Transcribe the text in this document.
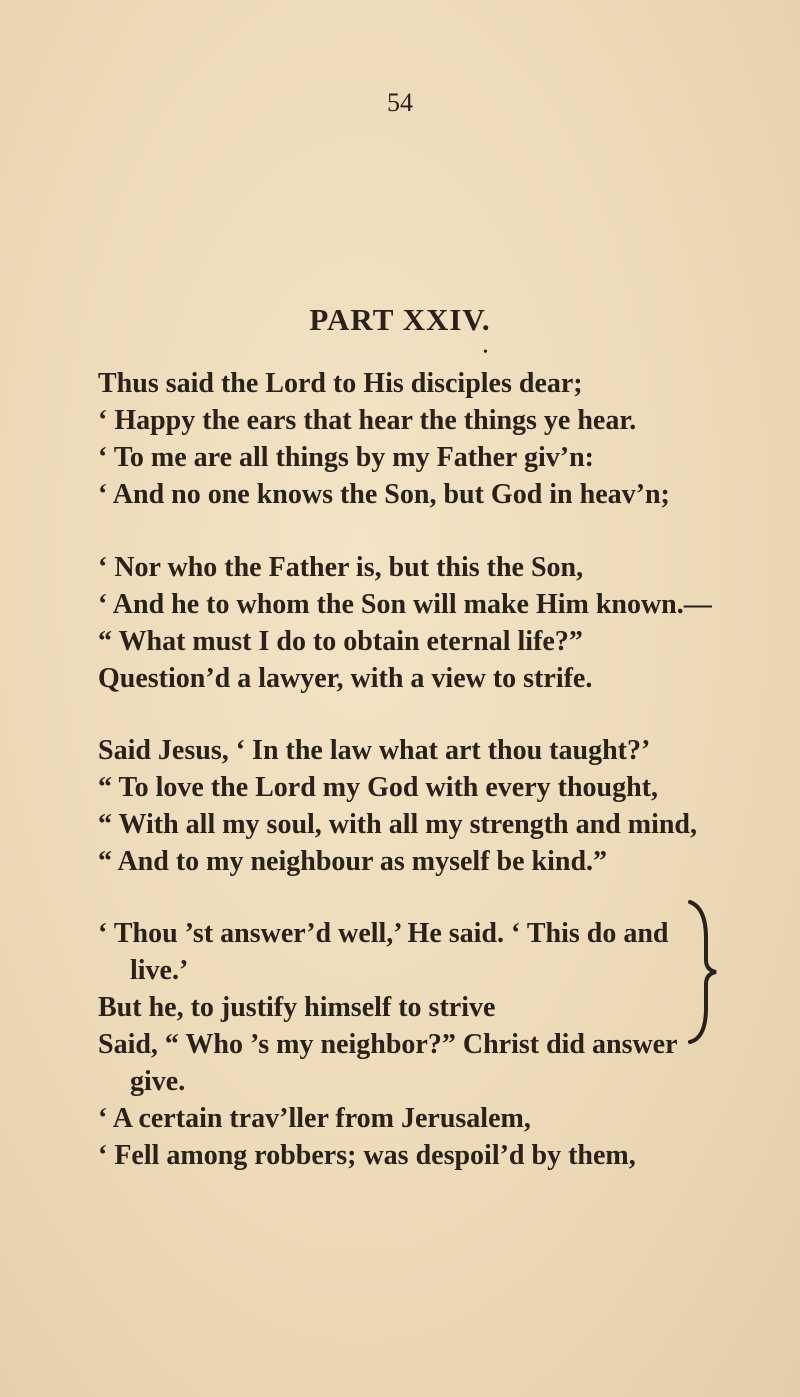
54
PART XXIV.
•
Thus said the Lord to His disciples dear;
‘ Happy the ears that hear the things ye hear.
‘ To me are all things by my Father giv’n:
‘ And no one knows the Son, but God in heav’n;
‘ Nor who the Father is, but this the Son,
‘ And he to whom the Son will make Him known.—
“ What must I do to obtain eternal life?”
Question’d a lawyer, with a view to strife.
Said Jesus, ‘ In the law what art thou taught?’
“ To love the Lord my God with every thought,
“ With all my soul, with all my strength and mind,
“ And to my neighbour as myself be kind.”
‘ Thou ’st answer’d well,’ He said. ‘ This do and
live.’
But he, to justify himself to strive
Said, “ Who ’s my neighbor?” Christ did answer
give.
‘ A certain trav’ller from Jerusalem,
‘ Fell among robbers; was despoil’d by them,
